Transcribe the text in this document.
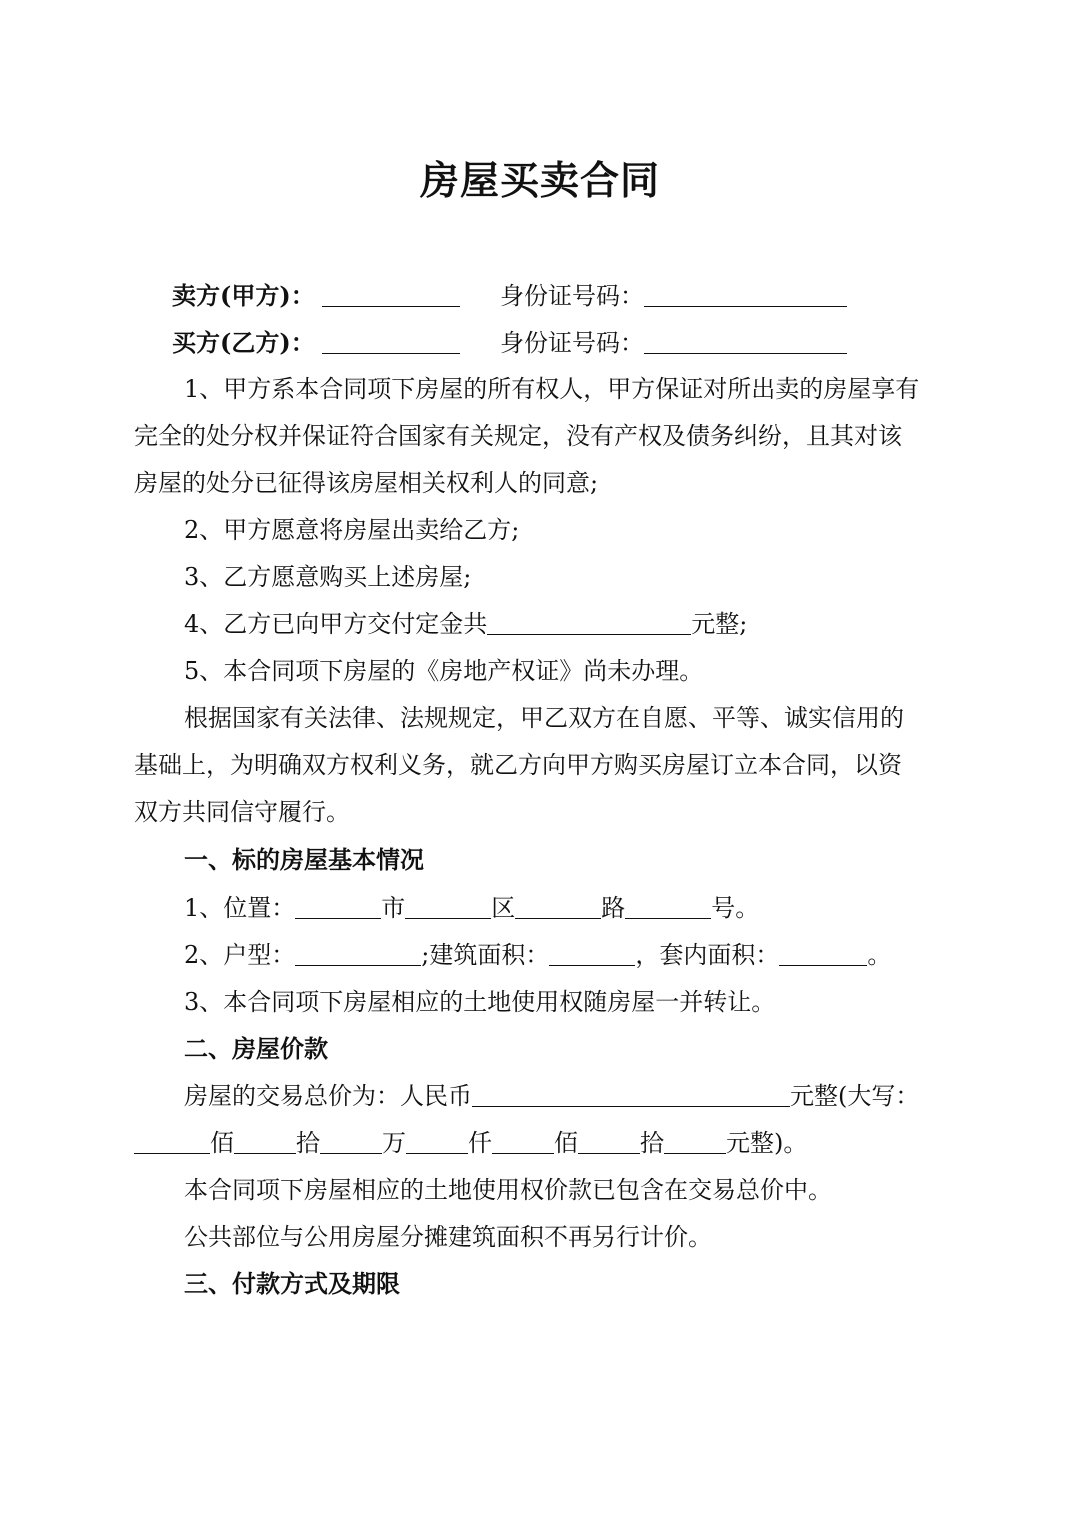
房屋买卖合同
卖方(甲方)：	身份证号码：
买方(乙方)：	身份证号码：
1、甲方系本合同项下房屋的所有权人，甲方保证对所出卖的房屋享有
完全的处分权并保证符合国家有关规定，没有产权及债务纠纷，且其对该
房屋的处分已征得该房屋相关权利人的同意;
2、甲方愿意将房屋出卖给乙方;
3、乙方愿意购买上述房屋;
4、乙方已向甲方交付定金共	元整;
5、本合同项下房屋的《房地产权证》尚未办理。
根据国家有关法律、法规规定，甲乙双方在自愿、平等、诚实信用的
基础上，为明确双方权利义务，就乙方向甲方购买房屋订立本合同，以资
双方共同信守履行。
一、标的房屋基本情况
1、位置：	市	区	路	号。
2、户型：	;建筑面积：	，套内面积：	。
3、本合同项下房屋相应的土地使用权随房屋一并转让。
二、房屋价款
房屋的交易总价为：人民币	元整(大写：
佰	拾	万	仟	佰	拾	元整)。
本合同项下房屋相应的土地使用权价款已包含在交易总价中。
公共部位与公用房屋分摊建筑面积不再另行计价。
三、付款方式及期限
